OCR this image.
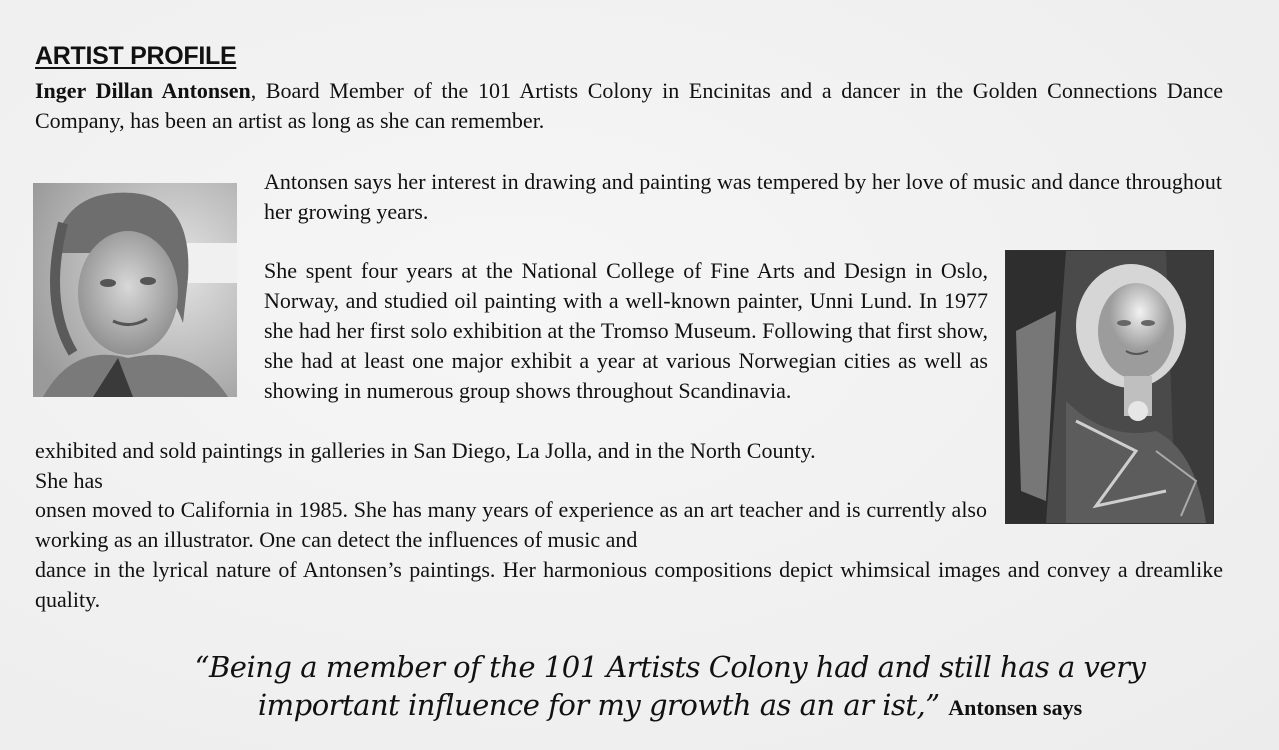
ARTIST PROFILE

Inger Dillan Antonsen, Board Member of the 101 Artists Colony in Encinitas and a dancer in the Golden Connections Dance Company, has been an artist as long as she can remember.

Antonsen says her interest in drawing and painting was tempered by her love of music and dance throughout her growing years.

She spent four years at the National College of Fine Arts and Design in Oslo, Norway, and studied oil painting with a well-known painter, Unni Lund. In 1977 she had her first solo exhibition at the Tromso Museum. Following that first show, she had at least one major exhibit a year at various Norwegian cities as well as showing in numerous group shows throughout Scandinavia.

exhibited and sold paintings in galleries in San Diego, La Jolla, and in the North County.
She has

onsen moved to California in 1985. She has many years of experience as an art teacher and is currently also working as an illustrator. One can detect the influences of music and

dance in the lyrical nature of Antonsen’s paintings. Her harmonious compositions depict whimsical images and convey a dreamlike quality.

“Being a member of the 101 Artists Colony had and still has a very important influence for my growth as an ar ist,” Antonsen says
